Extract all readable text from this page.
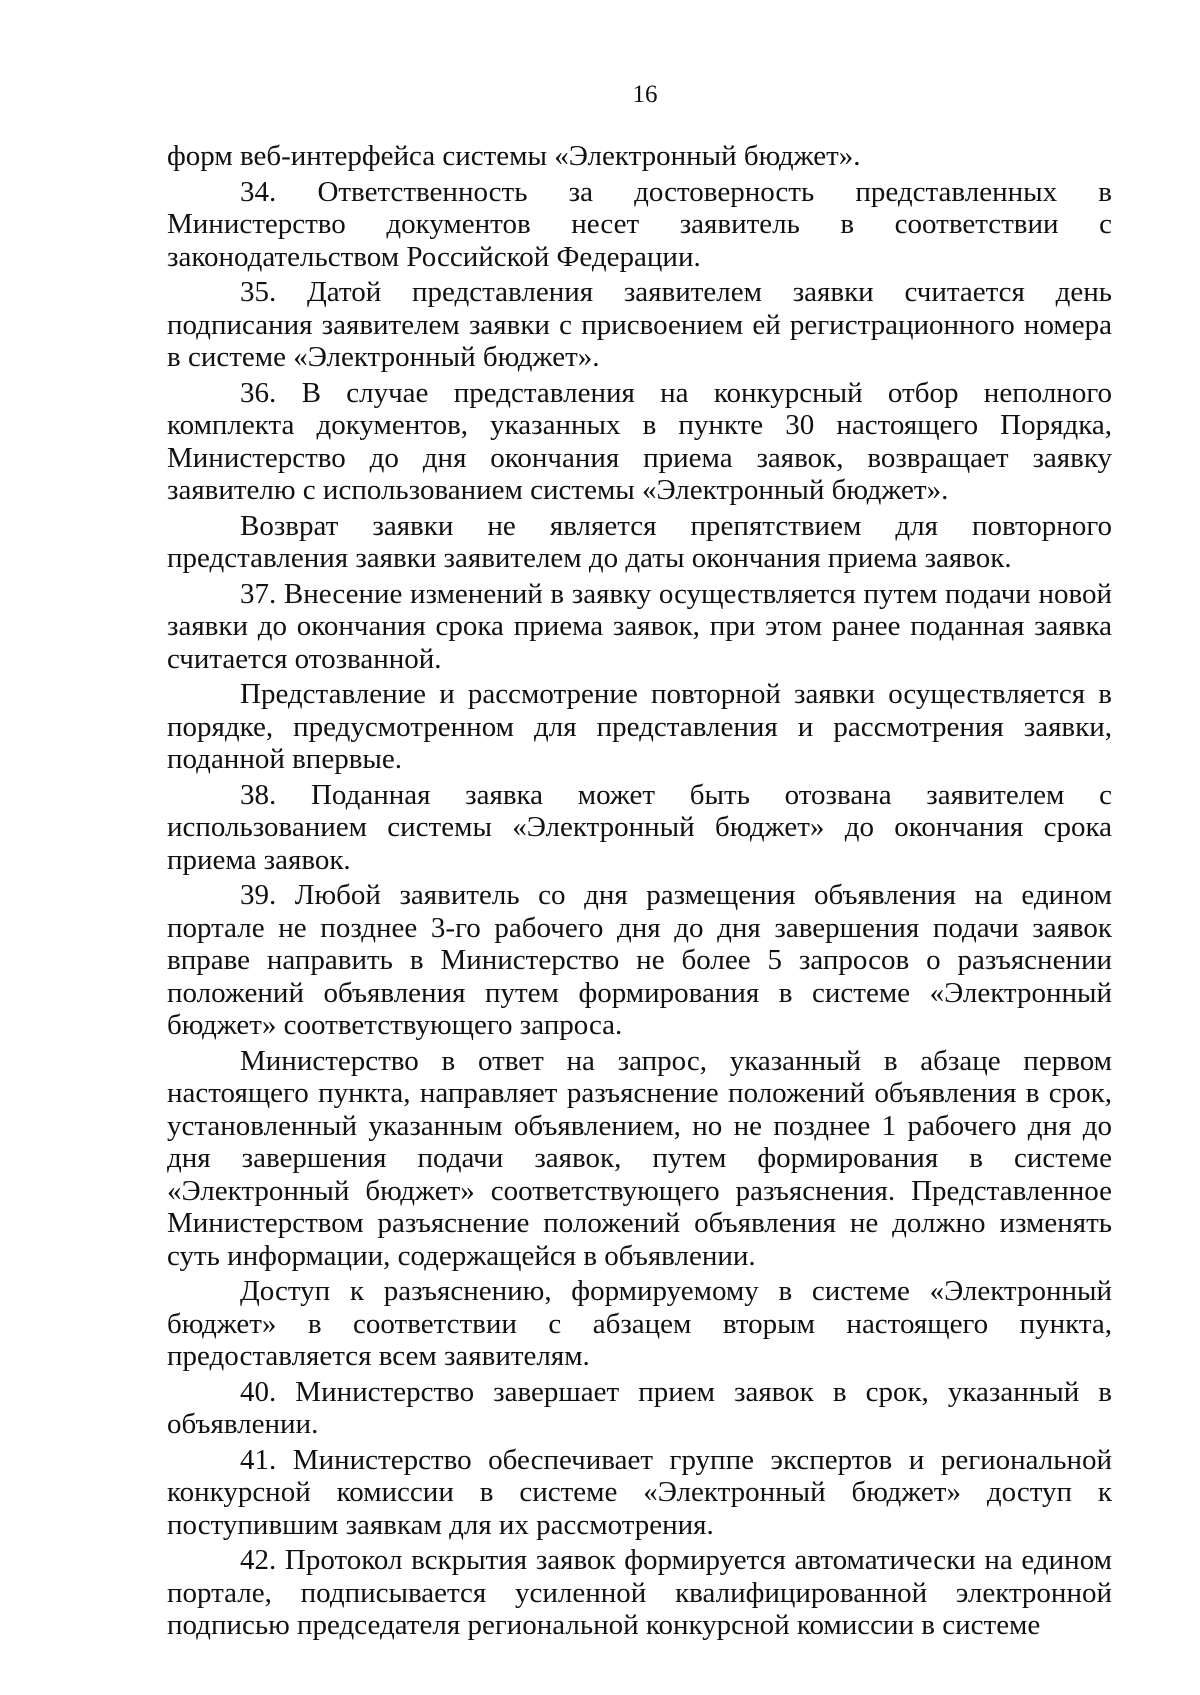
16

форм веб-интерфейса системы «Электронный бюджет».

34. Ответственность за достоверность представленных в Министерство документов несет заявитель в соответствии с законодательством Российской Федерации.

35. Датой представления заявителем заявки считается день подписания заявителем заявки с присвоением ей регистрационного номера в системе «Электронный бюджет».

36. В случае представления на конкурсный отбор неполного комплекта документов, указанных в пункте 30 настоящего Порядка, Министерство до дня окончания приема заявок, возвращает заявку заявителю с использованием системы «Электронный бюджет».

Возврат заявки не является препятствием для повторного представления заявки заявителем до даты окончания приема заявок.

37. Внесение изменений в заявку осуществляется путем подачи новой заявки до окончания срока приема заявок, при этом ранее поданная заявка считается отозванной.

Представление и рассмотрение повторной заявки осуществляется в порядке, предусмотренном для представления и рассмотрения заявки, поданной впервые.

38. Поданная заявка может быть отозвана заявителем с использованием системы «Электронный бюджет» до окончания срока приема заявок.

39. Любой заявитель со дня размещения объявления на едином портале не позднее 3-го рабочего дня до дня завершения подачи заявок вправе направить в Министерство не более 5 запросов о разъяснении положений объявления путем формирования в системе «Электронный бюджет» соответствующего запроса.

Министерство в ответ на запрос, указанный в абзаце первом настоящего пункта, направляет разъяснение положений объявления в срок, установленный указанным объявлением, но не позднее 1 рабочего дня до дня завершения подачи заявок, путем формирования в системе «Электронный бюджет» соответствующего разъяснения. Представленное Министерством разъяснение положений объявления не должно изменять суть информации, содержащейся в объявлении.

Доступ к разъяснению, формируемому в системе «Электронный бюджет» в соответствии с абзацем вторым настоящего пункта, предоставляется всем заявителям.

40. Министерство завершает прием заявок в срок, указанный в объявлении.

41. Министерство обеспечивает группе экспертов и региональной конкурсной комиссии в системе «Электронный бюджет» доступ к поступившим заявкам для их рассмотрения.

42. Протокол вскрытия заявок формируется автоматически на едином портале, подписывается усиленной квалифицированной электронной подписью председателя региональной конкурсной комиссии в системе
